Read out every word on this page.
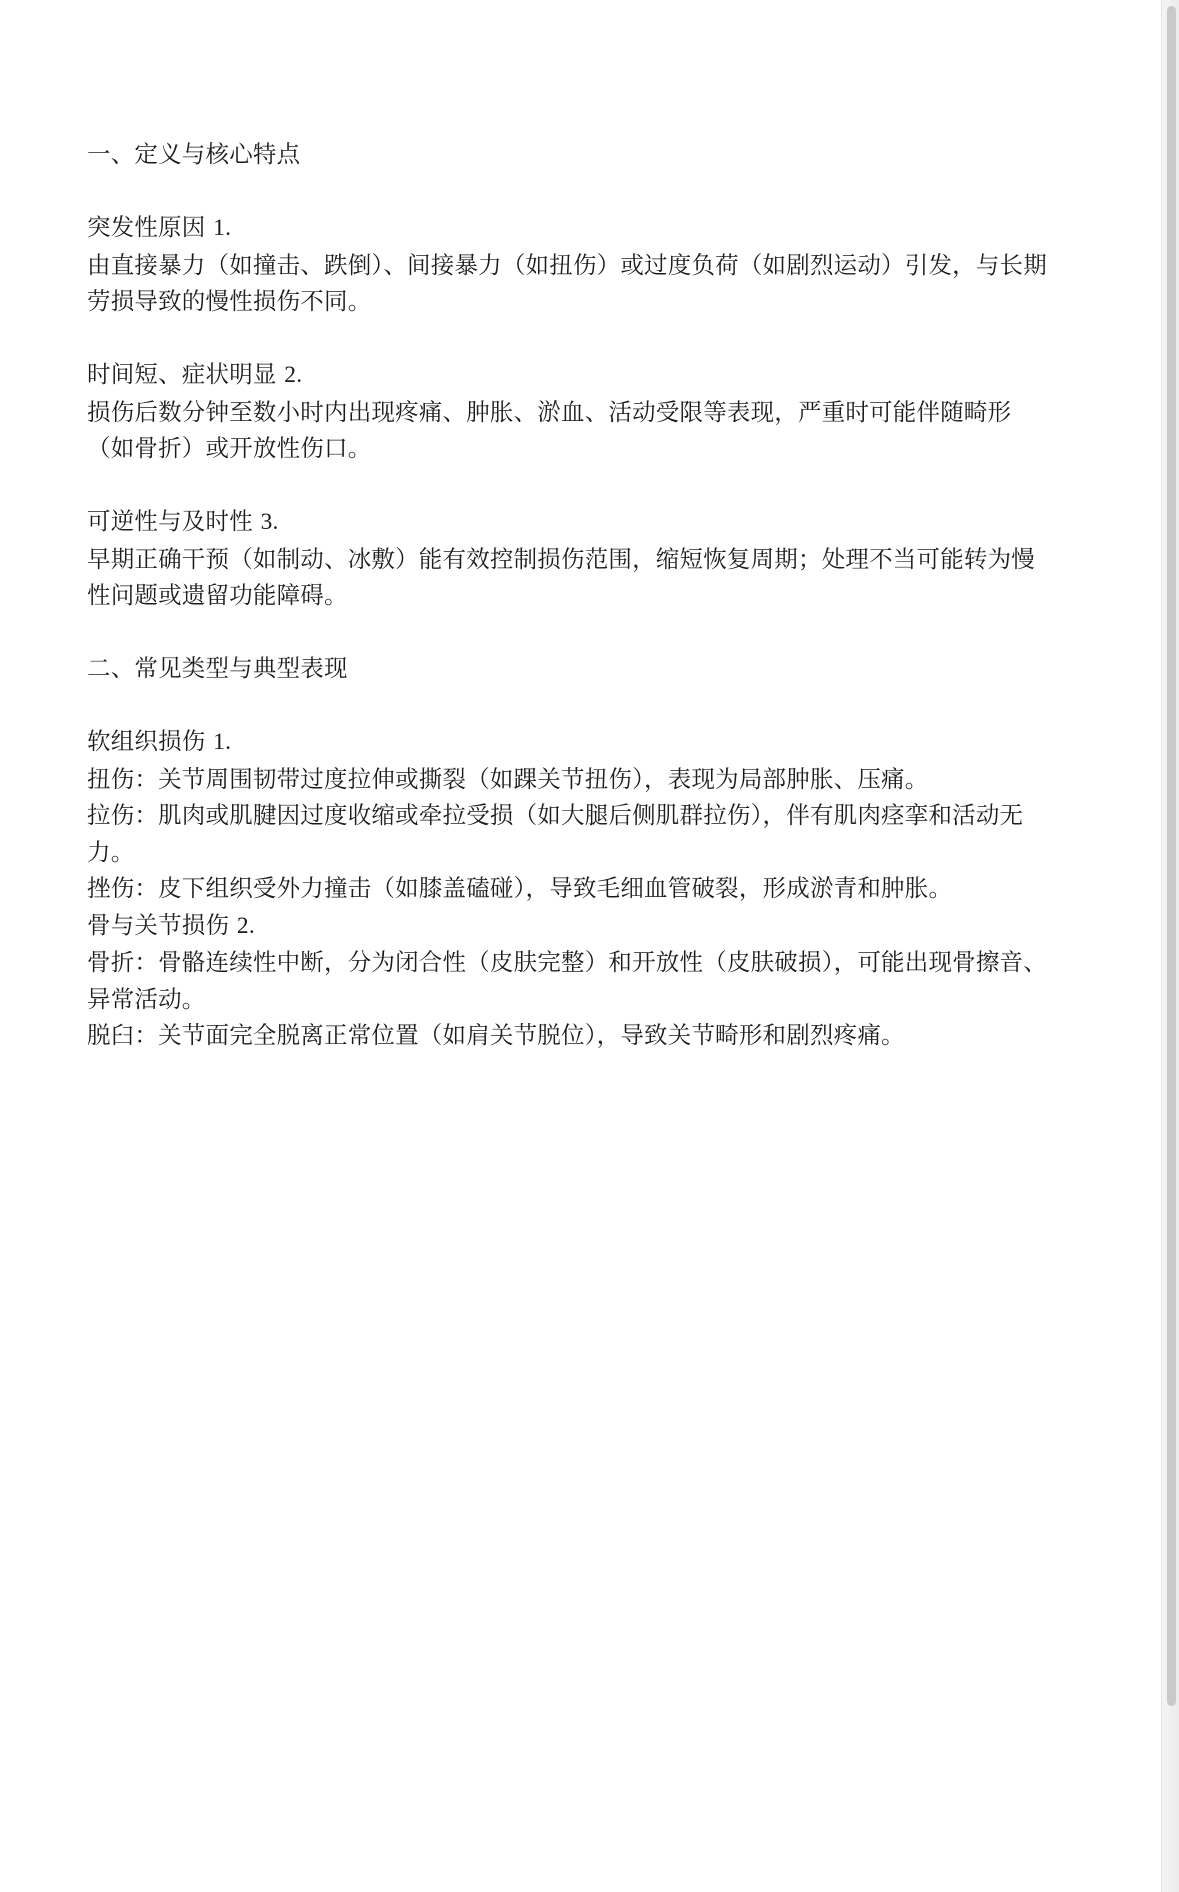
一、定义与核心特点

突发性原因 1.

由直接暴力（如撞击、跌倒）、间接暴力（如扭伤）或过度负荷（如剧烈运动）引发，与长期劳损导致的慢性损伤不同。

时间短、症状明显 2.

损伤后数分钟至数小时内出现疼痛、肿胀、淤血、活动受限等表现，严重时可能伴随畸形（如骨折）或开放性伤口。

可逆性与及时性 3.

早期正确干预（如制动、冰敷）能有效控制损伤范围，缩短恢复周期；处理不当可能转为慢性问题或遗留功能障碍。

二、常见类型与典型表现

软组织损伤 1.

扭伤：关节周围韧带过度拉伸或撕裂（如踝关节扭伤），表现为局部肿胀、压痛。

拉伤：肌肉或肌腱因过度收缩或牵拉受损（如大腿后侧肌群拉伤），伴有肌肉痉挛和活动无力。

挫伤：皮下组织受外力撞击（如膝盖磕碰），导致毛细血管破裂，形成淤青和肿胀。

骨与关节损伤 2.

骨折：骨骼连续性中断，分为闭合性（皮肤完整）和开放性（皮肤破损），可能出现骨擦音、异常活动。

脱臼：关节面完全脱离正常位置（如肩关节脱位），导致关节畸形和剧烈疼痛。
